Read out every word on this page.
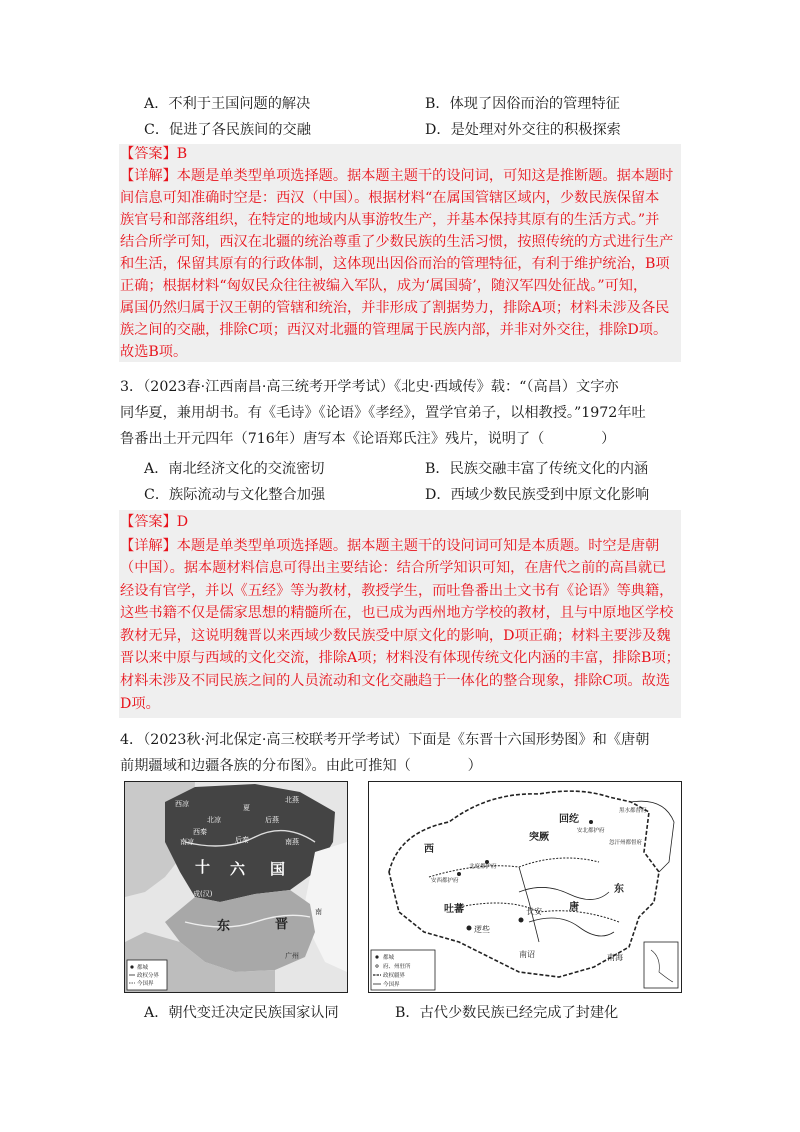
A．不利于王国问题的解决	B．体现了因俗而治的管理特征
C．促进了各民族间的交融	D．是处理对外交往的积极探索
【答案】B
【详解】本题是单类型单项选择题。据本题主题干的设问词，可知这是推断题。据本题时
间信息可知准确时空是：西汉（中国）。根据材料“在属国管辖区域内，少数民族保留本
族官号和部落组织，在特定的地域内从事游牧生产，并基本保持其原有的生活方式。”并
结合所学可知，西汉在北疆的统治尊重了少数民族的生活习惯，按照传统的方式进行生产
和生活，保留其原有的行政体制，这体现出因俗而治的管理特征，有利于维护统治，B项
正确；根据材料“匈奴民众往往被编入军队，成为‘属国骑’，随汉军四处征战。”可知，
属国仍然归属于汉王朝的管辖和统治，并非形成了割据势力，排除A项；材料未涉及各民
族之间的交融，排除C项；西汉对北疆的管理属于民族内部，并非对外交往，排除D项。
故选B项。
3．（2023春·江西南昌·高三统考开学考试）《北史·西域传》载：“（高昌）文字亦
同华夏，兼用胡书。有《毛诗》《论语》《孝经》，置学官弟子，以相教授。”1972年吐
鲁番出土开元四年（716年）唐写本《论语郑氏注》残片，说明了（　　　　）
A．南北经济文化的交流密切	B．民族交融丰富了传统文化的内涵
C．族际流动与文化整合加强	D．西域少数民族受到中原文化影响
【答案】D
【详解】本题是单类型单项选择题。据本题主题干的设问词可知是本质题。时空是唐朝
（中国）。据本题材料信息可得出主要结论：结合所学知识可知，在唐代之前的高昌就已
经设有官学，并以《五经》等为教材，教授学生，而吐鲁番出土文书有《论语》等典籍，
这些书籍不仅是儒家思想的精髓所在，也已成为西州地方学校的教材，且与中原地区学校
教材无异，这说明魏晋以来西域少数民族受中原文化的影响，D项正确；材料主要涉及魏
晋以来中原与西域的文化交流，排除A项；材料没有体现传统文化内涵的丰富，排除B项；
材料未涉及不同民族之间的人员流动和文化交融趋于一体化的整合现象，排除C项。故选
D项。
4．（2023秋·河北保定·高三校联考开学考试）下面是《东晋十六国形势图》和《唐朝
前期疆域和边疆各族的分布图》。由此可推知（　　　　）
西凉
北凉
西秦
南凉	后秦
北燕
后燕
夏
南燕
成(汉)
十 六 国
东	晋
南
广州
都城
政权分界
今国界
西
突厥
回纥
唐
吐蕃
东
长安
逻些
南诏	南海
北庭都护府
安西都护府
安北都护府
黑水都督府
忽汗州都督府
都城
府、州驻所
政权疆界
今国界
A．朝代变迁决定民族国家认同	B．古代少数民族已经完成了封建化
